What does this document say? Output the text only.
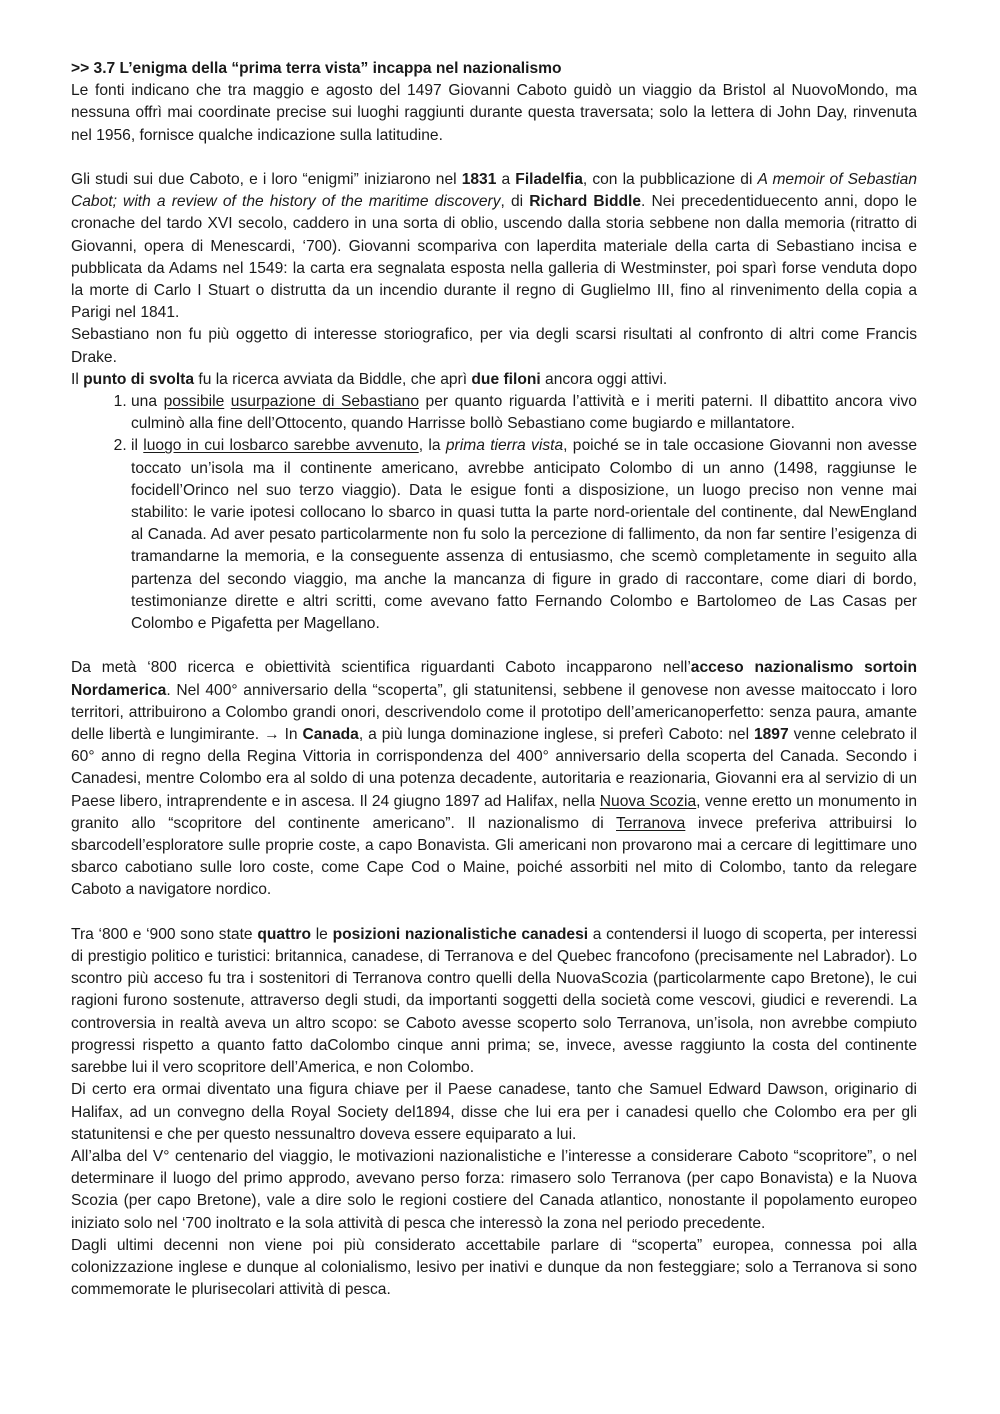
>> 3.7 L’enigma della “prima terra vista” incappa nel nazionalismo

Le fonti indicano che tra maggio e agosto del 1497 Giovanni Caboto guidò un viaggio da Bristol al NuovoMondo, ma nessuna offrì mai coordinate precise sui luoghi raggiunti durante questa traversata; solo la lettera di John Day, rinvenuta nel 1956, fornisce qualche indicazione sulla latitudine.

Gli studi sui due Caboto, e i loro “enigmi” iniziarono nel 1831 a Filadelfia, con la pubblicazione di A memoir of Sebastian Cabot; with a review of the history of the maritime discovery, di Richard Biddle. Nei precedentiduecento anni, dopo le cronache del tardo XVI secolo, caddero in una sorta di oblio, uscendo dalla storia sebbene non dalla memoria (ritratto di Giovanni, opera di Menescardi, ‘700). Giovanni scompariva con laperdita materiale della carta di Sebastiano incisa e pubblicata da Adams nel 1549: la carta era segnalata esposta nella galleria di Westminster, poi sparì forse venduta dopo la morte di Carlo I Stuart o distrutta da un incendio durante il regno di Guglielmo III, fino al rinvenimento della copia a Parigi nel 1841.

Sebastiano non fu più oggetto di interesse storiografico, per via degli scarsi risultati al confronto di altri come Francis Drake.

Il punto di svolta fu la ricerca avviata da Biddle, che aprì due filoni ancora oggi attivi.

1. una possibile usurpazione di Sebastiano per quanto riguarda l’attività e i meriti paterni. Il dibattito ancora vivo culminò alla fine dell’Ottocento, quando Harrisse bollò Sebastiano come bugiardo e millantatore.
2. il luogo in cui losbarco sarebbe avvenuto, la prima tierra vista, poiché se in tale occasione Giovanni non avesse toccato un’isola ma il continente americano, avrebbe anticipato Colombo di un anno (1498, raggiunse le focidell’Orinco nel suo terzo viaggio). Data le esigue fonti a disposizione, un luogo preciso non venne mai stabilito: le varie ipotesi collocano lo sbarco in quasi tutta la parte nord-orientale del continente, dal NewEngland al Canada. Ad aver pesato particolarmente non fu solo la percezione di fallimento, da non far sentire l’esigenza di tramandarne la memoria, e la conseguente assenza di entusiasmo, che scemò completamente in seguito alla partenza del secondo viaggio, ma anche la mancanza di figure in grado di raccontare, come diari di bordo, testimonianze dirette e altri scritti, come avevano fatto Fernando Colombo e Bartolomeo de Las Casas per Colombo e Pigafetta per Magellano.

Da metà ‘800 ricerca e obiettività scientifica riguardanti Caboto incapparono nell’acceso nazionalismo sortoin Nordamerica. Nel 400° anniversario della “scoperta”, gli statunitensi, sebbene il genovese non avesse maitoccato i loro territori, attribuirono a Colombo grandi onori, descrivendolo come il prototipo dell’americanoperfetto: senza paura, amante delle libertà e lungimirante. → In Canada, a più lunga dominazione inglese, si preferì Caboto: nel 1897 venne celebrato il 60° anno di regno della Regina Vittoria in corrispondenza del 400° anniversario della scoperta del Canada. Secondo i Canadesi, mentre Colombo era al soldo di una potenza decadente, autoritaria e reazionaria, Giovanni era al servizio di un Paese libero, intraprendente e in ascesa. Il 24 giugno 1897 ad Halifax, nella Nuova Scozia, venne eretto un monumento in granito allo “scopritore del continente americano”. Il nazionalismo di Terranova invece preferiva attribuirsi lo sbarcodell’esploratore sulle proprie coste, a capo Bonavista. Gli americani non provarono mai a cercare di legittimare uno sbarco cabotiano sulle loro coste, come Cape Cod o Maine, poiché assorbiti nel mito di Colombo, tanto da relegare Caboto a navigatore nordico.

Tra ‘800 e ‘900 sono state quattro le posizioni nazionalistiche canadesi a contendersi il luogo di scoperta, per interessi di prestigio politico e turistici: britannica, canadese, di Terranova e del Quebec francofono (precisamente nel Labrador). Lo scontro più acceso fu tra i sostenitori di Terranova contro quelli della NuovaScozia (particolarmente capo Bretone), le cui ragioni furono sostenute, attraverso degli studi, da importanti soggetti della società come vescovi, giudici e reverendi. La controversia in realtà aveva un altro scopo: se Caboto avesse scoperto solo Terranova, un’isola, non avrebbe compiuto progressi rispetto a quanto fatto daColombo cinque anni prima; se, invece, avesse raggiunto la costa del continente sarebbe lui il vero scopritore dell’America, e non Colombo.

Di certo era ormai diventato una figura chiave per il Paese canadese, tanto che Samuel Edward Dawson, originario di Halifax, ad un convegno della Royal Society del1894, disse che lui era per i canadesi quello che Colombo era per gli statunitensi e che per questo nessunaltro doveva essere equiparato a lui.

All’alba del V° centenario del viaggio, le motivazioni nazionalistiche e l’interesse a considerare Caboto “scopritore”, o nel determinare il luogo del primo approdo, avevano perso forza: rimasero solo Terranova (per capo Bonavista) e la Nuova Scozia (per capo Bretone), vale a dire solo le regioni costiere del Canada atlantico, nonostante il popolamento europeo iniziato solo nel ‘700 inoltrato e la sola attività di pesca che interessò la zona nel periodo precedente.

Dagli ultimi decenni non viene poi più considerato accettabile parlare di “scoperta” europea, connessa poi alla colonizzazione inglese e dunque al colonialismo, lesivo per inativi e dunque da non festeggiare; solo a Terranova si sono commemorate le plurisecolari attività di pesca.
